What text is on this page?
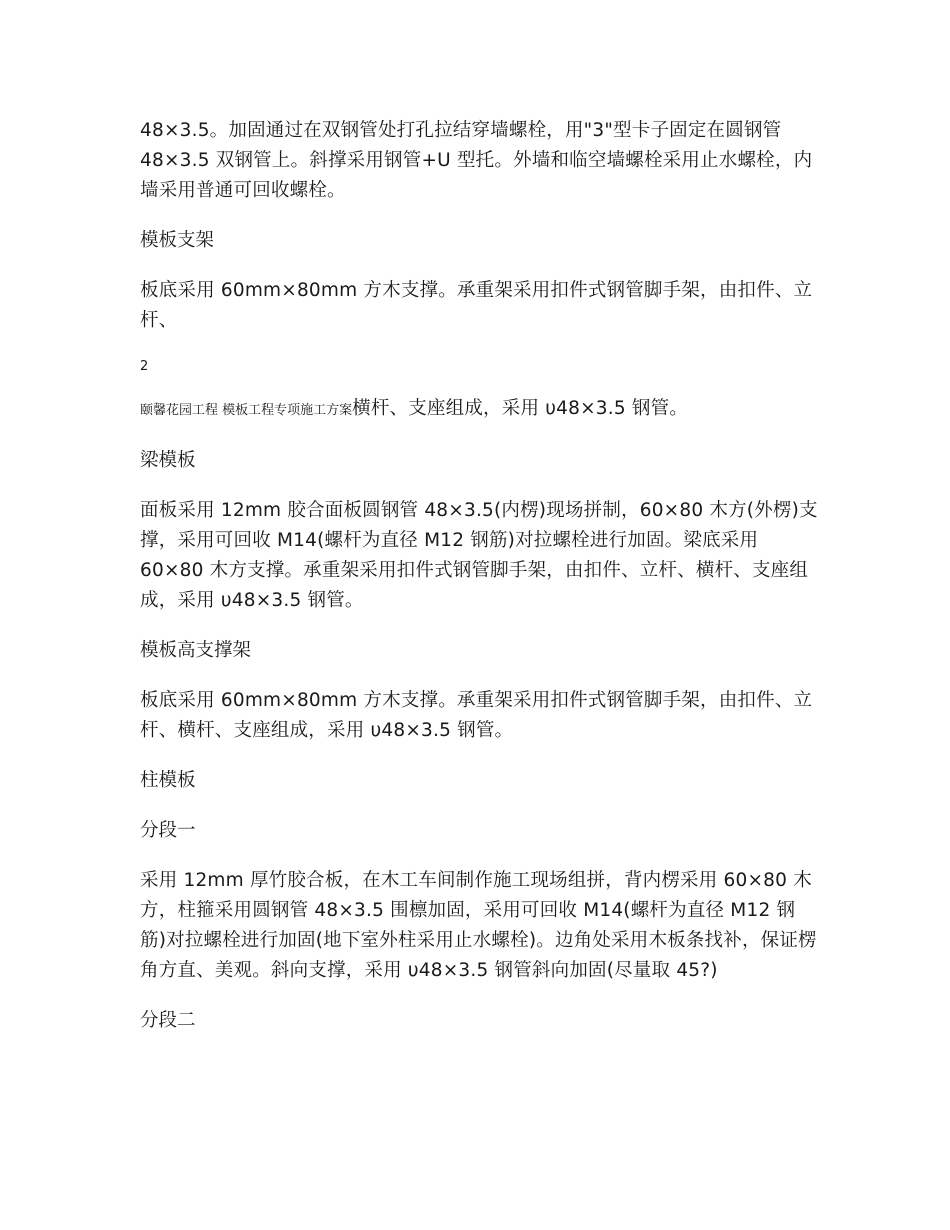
48×3.5。加固通过在双钢管处打孔拉结穿墙螺栓，用"3"型卡子固定在圆钢管 48×3.5 双钢管上。斜撑采用钢管+U 型托。外墙和临空墙螺栓采用止水螺栓，内墙采用普通可回收螺栓。

模板支架

板底采用 60mm×80mm 方木支撑。承重架采用扣件式钢管脚手架，由扣件、立杆、

2

颐馨花园工程 模板工程专项施工方案横杆、支座组成，采用 υ48×3.5 钢管。

梁模板

面板采用 12mm 胶合面板圆钢管 48×3.5(内楞)现场拼制，60×80 木方(外楞)支撑，采用可回收 M14(螺杆为直径 M12 钢筋)对拉螺栓进行加固。梁底采用 60×80 木方支撑。承重架采用扣件式钢管脚手架，由扣件、立杆、横杆、支座组成，采用 υ48×3.5 钢管。

模板高支撑架

板底采用 60mm×80mm 方木支撑。承重架采用扣件式钢管脚手架，由扣件、立杆、横杆、支座组成，采用 υ48×3.5 钢管。

柱模板

分段一

采用 12mm 厚竹胶合板，在木工车间制作施工现场组拼，背内楞采用 60×80 木方，柱箍采用圆钢管 48×3.5 围檩加固，采用可回收 M14(螺杆为直径 M12 钢筋)对拉螺栓进行加固(地下室外柱采用止水螺栓)。边角处采用木板条找补，保证楞角方直、美观。斜向支撑，采用 υ48×3.5 钢管斜向加固(尽量取 45?)

分段二
